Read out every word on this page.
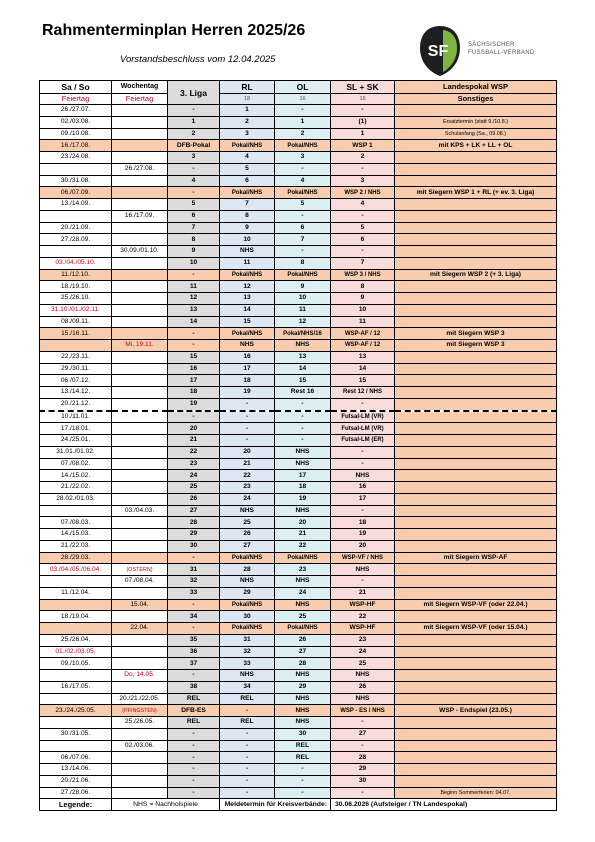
Rahmenterminplan Herren 2025/26
Vorstandsbeschluss vom 12.04.2025	SF	SÄCHSISCHER
FUSSBALL-VERBAND
Sa / So	Wochentag	3. Liga	RL	OL	SL + SK	Landespokal WSP
Feiertag	Feiertag		18	16	16	Sonstiges
26./27.07.		-	1	-	-	
02./03.08.		1	2	1	(1)	Ersatztermin (statt 9./10.8.)
09./10.08.		2	3	2	1	Schulanfang (Sa., 09.08.)
16./17.08.		DFB-Pokal	Pokal/NHS	Pokal/NHS	WSP 1	mit KPS + LK + LL + OL
23./24.08.		3	4	3	2	
	26./27.08.	-	5	-	-	
30./31.08.		4	6	4	3	
06./07.09.		-	Pokal/NHS	Pokal/NHS	WSP 2 / NHS	mit Siegern WSP 1 + RL (+ ev. 3. Liga)
13./14.09.		5	7	5	4	
	16./17.09.	6	8	-	-	
20./21.09.		7	9	6	5	
27./28.09.		8	10	7	6	
	30.09./01.10.	9	NHS	-	-	
03./04./05.10.		10	11	8	7	
11./12.10.		-	Pokal/NHS	Pokal/NHS	WSP 3 / NHS	mit Siegern WSP 2 (+ 3. Liga)
18./19.10.		11	12	9	8	
25./26.10.		12	13	10	9	
31.10./01./02.11.		13	14	11	10	
08./09.11.		14	15	12	11	
15./16.11.		-	Pokal/NHS	Pokal/NHS/16	WSP-AF / 12	mit Siegern WSP 3
	Mi, 19.11.	-	NHS	NHS	WSP-AF / 12	mit Siegern WSP 3
22./23.11.		15	16	13	13	
29./30.11.		16	17	14	14	
06./07.12.		17	18	15	15	
13./14.12.		18	19	Rest 16	Rest 12 / NHS	
20./21.12.		19	-	-	-	
10./11.01.		-	-	-	Futsal-LM (VR)	
17./18.01.		20	-	-	Futsal-LM (VR)	
24./25.01.		21	-	-	Futsal-LM (ER)	
31.01./01.02.		22	20	NHS	-	
07./08.02.		23	21	NHS	-	
14./15.02.		24	22	17	NHS	
21./22.02.		25	23	18	16	
28.02./01.03.		26	24	19	17	
	03./04.03.	27	NHS	NHS	-	
07./08.03.		28	25	20	18	
14./15.03.		29	26	21	19	
21./22.03.		30	27	22	20	
28./29.03.		-	Pokal/NHS	Pokal/NHS	WSP-VF / NHS	mit Siegern WSP-AF
03./04./05./06.04.	(OSTERN)	31	28	23	NHS	
	07./08.04.	32	NHS	NHS	-	
11./12.04.		33	29	24	21	
	15.04.	-	Pokal/NHS	NHS	WSP-HF	mit Siegern WSP-VF (oder 22.04.)
18./19.04.		34	30	25	22	
	22.04.	-	Pokal/NHS	Pokal/NHS	WSP-HF	mit Siegern WSP-VF (oder 15.04.)
25./26.04.		35	31	26	23	
01./02./03.05.		36	32	27	24	
09./10.05.		37	33	28	25	
	Do, 14.05.	-	NHS	NHS	NHS	
16./17.05.		38	34	29	26	
	20./21./22.05.	REL	REL	NHS	NHS	
23./24./25.05.	(PFINGSTEN)	DFB-ES	-	NHS	WSP - ES / NHS	WSP - Endspiel (23.05.)
	25./26.05.	REL	REL	NHS	-	
30./31.05.		-	-	30	27	
	02./03.06.	-	-	REL	-	
06./07.06.		-	-	REL	28	
13./14.06.		-	-	-	29	
20./21.06.		-	-	-	30	
27./28.06.		-	-	-	-	Beginn Sommerferien: 04.07.
Legende:	NHS = Nachholspiele		Meldetermin für Kreisverbände:		30.06.2026 (Aufsteiger / TN Landespokal)	
